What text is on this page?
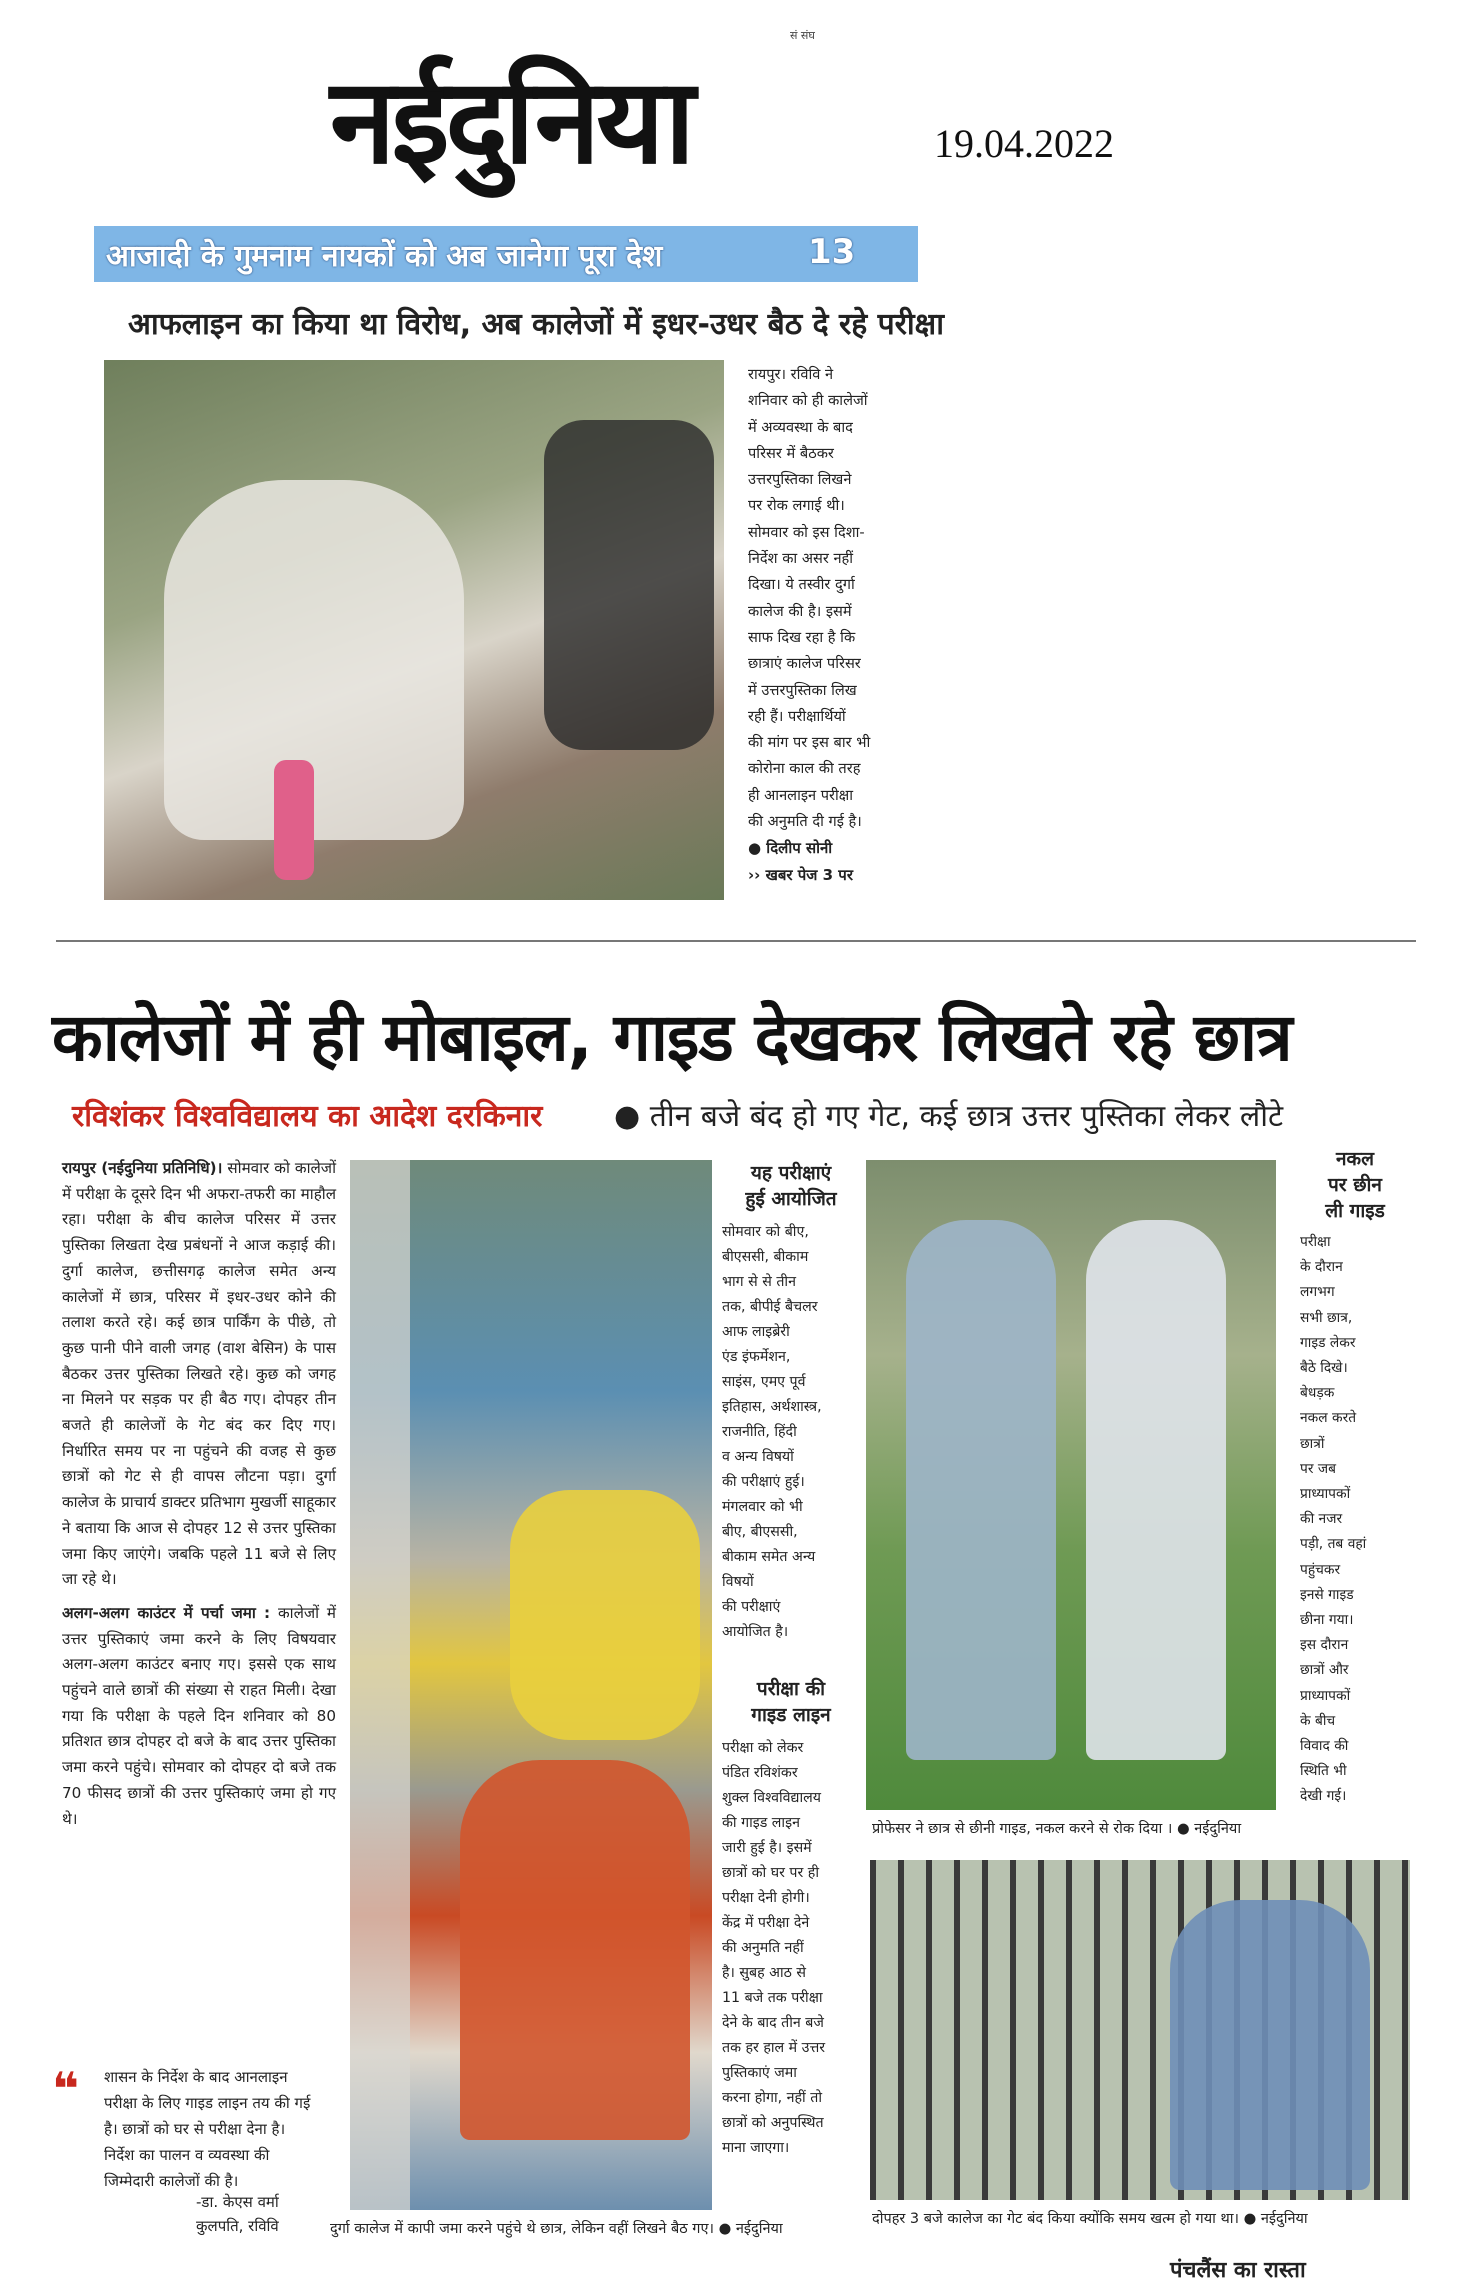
नईदुनिया
सं संघ
19.04.2022
आजादी के गुमनाम नायकों को अब जानेगा पूरा देश	13
आफलाइन का किया था विरोध, अब कालेजों में इधर-उधर बैठ दे रहे परीक्षा

रायपुर। रविवि ने

शनिवार को ही कालेजों

में अव्यवस्था के बाद

परिसर में बैठकर

उत्तरपुस्तिका लिखने

पर रोक लगाई थी।

सोमवार को इस दिशा-

निर्देश का असर नहीं

दिखा। ये तस्वीर दुर्गा

कालेज की है। इसमें

साफ दिख रहा है कि

छात्राएं कालेज परिसर

में उत्तरपुस्तिका लिख

रही हैं। परीक्षार्थियों

की मांग पर इस बार भी

कोरोना काल की तरह

ही आनलाइन परीक्षा

की अनुमति दी गई है।

● दिलीप सोनी

›› खबर पेज 3 पर

कालेजों में ही मोबाइल, गाइड देखकर लिखते रहे छात्र
रविशंकर विश्वविद्यालय का आदेश दरकिनार ● तीन बजे बंद हो गए गेट, कई छात्र उत्तर पुस्तिका लेकर लौटे
रायपुर (नईदुनिया प्रतिनिधि)। सोमवार को कालेजों में परीक्षा के दूसरे दिन भी अफरा-तफरी का माहौल रहा। परीक्षा के बीच कालेज परिसर में उत्तर पुस्तिका लिखता देख प्रबंधनों ने आज कड़ाई की। दुर्गा कालेज, छत्तीसगढ़ कालेज समेत अन्य कालेजों में छात्र, परिसर में इधर-उधर कोने की तलाश करते रहे। कई छात्र पार्किंग के पीछे, तो कुछ पानी पीने वाली जगह (वाश बेसिन) के पास बैठकर उत्तर पुस्तिका लिखते रहे। कुछ को जगह ना मिलने पर सड़क पर ही बैठ गए। दोपहर तीन बजते ही कालेजों के गेट बंद कर दिए गए। निर्धारित समय पर ना पहुंचने की वजह से कुछ छात्रों को गेट से ही वापस लौटना पड़ा। दुर्गा कालेज के प्राचार्य डाक्टर प्रतिभाग मुखर्जी साहूकार ने बताया कि आज से दोपहर 12 से उत्तर पुस्तिका जमा किए जाएंगे। जबकि पहले 11 बजे से लिए जा रहे थे।
अलग-अलग काउंटर में पर्चा जमा : कालेजों में उत्तर पुस्तिकाएं जमा करने के लिए विषयवार अलग-अलग काउंटर बनाए गए। इससे एक साथ पहुंचने वाले छात्रों की संख्या से राहत मिली। देखा गया कि परीक्षा के पहले दिन शनिवार को 80 प्रतिशत छात्र दोपहर दो बजे के बाद उत्तर पुस्तिका जमा करने पहुंचे। सोमवार को दोपहर दो बजे तक 70 फीसद छात्रों की उत्तर पुस्तिकाएं जमा हो गए थे।
❝	शासन के निर्देश के बाद आनलाइन परीक्षा के लिए गाइड लाइन तय की गई है। छात्रों को घर से परीक्षा देना है। निर्देश का पालन व व्यवस्था की जिम्मेदारी कालेजों की है।
-डा. केएस वर्मा
कुलपति, रविवि	दुर्गा कालेज में कापी जमा करने पहुंचे थे छात्र, लेकिन वहीं लिखने बैठ गए। ● नईदुनिया
यह परीक्षाएं
हुई आयोजित
सोमवार को बीए,
बीएससी, बीकाम
भाग से से तीन
तक, बीपीई बैचलर
आफ लाइब्रेरी
एंड इंफर्मेशन,
साइंस, एमए पूर्व
इतिहास, अर्थशास्त्र,
राजनीति, हिंदी
व अन्य विषयों
की परीक्षाएं हुई।
मंगलवार को भी
बीए, बीएससी,
बीकाम समेत अन्य
विषयों
की परीक्षाएं
आयोजित है।
परीक्षा की
गाइड लाइन
परीक्षा को लेकर
पंडित रविशंकर
शुक्ल विश्वविद्यालय
की गाइड लाइन
जारी हुई है। इसमें
छात्रों को घर पर ही
परीक्षा देनी होगी।
केंद्र में परीक्षा देने
की अनुमति नहीं
है। सुबह आठ से
11 बजे तक परीक्षा
देने के बाद तीन बजे
तक हर हाल में उत्तर
पुस्तिकाएं जमा
करना होगा, नहीं तो
छात्रों को अनुपस्थित
माना जाएगा।
प्रोफेसर ने छात्र से छीनी गाइड, नकल करने से रोक दिया । ● नईदुनिया
नकल
पर छीन
ली गाइड
परीक्षा
के दौरान
लगभग
सभी छात्र,
गाइड लेकर
बैठे दिखे।
बेधड़क
नकल करते
छात्रों
पर जब
प्राध्यापकों
की नजर
पड़ी, तब वहां
पहुंचकर
इनसे गाइड
छीना गया।
इस दौरान
छात्रों और
प्राध्यापकों
के बीच
विवाद की
स्थिति भी
देखी गई।
दोपहर 3 बजे कालेज का गेट बंद किया क्योंकि समय खत्म हो गया था। ● नईदुनिया
पंचलैंस का रास्ता
